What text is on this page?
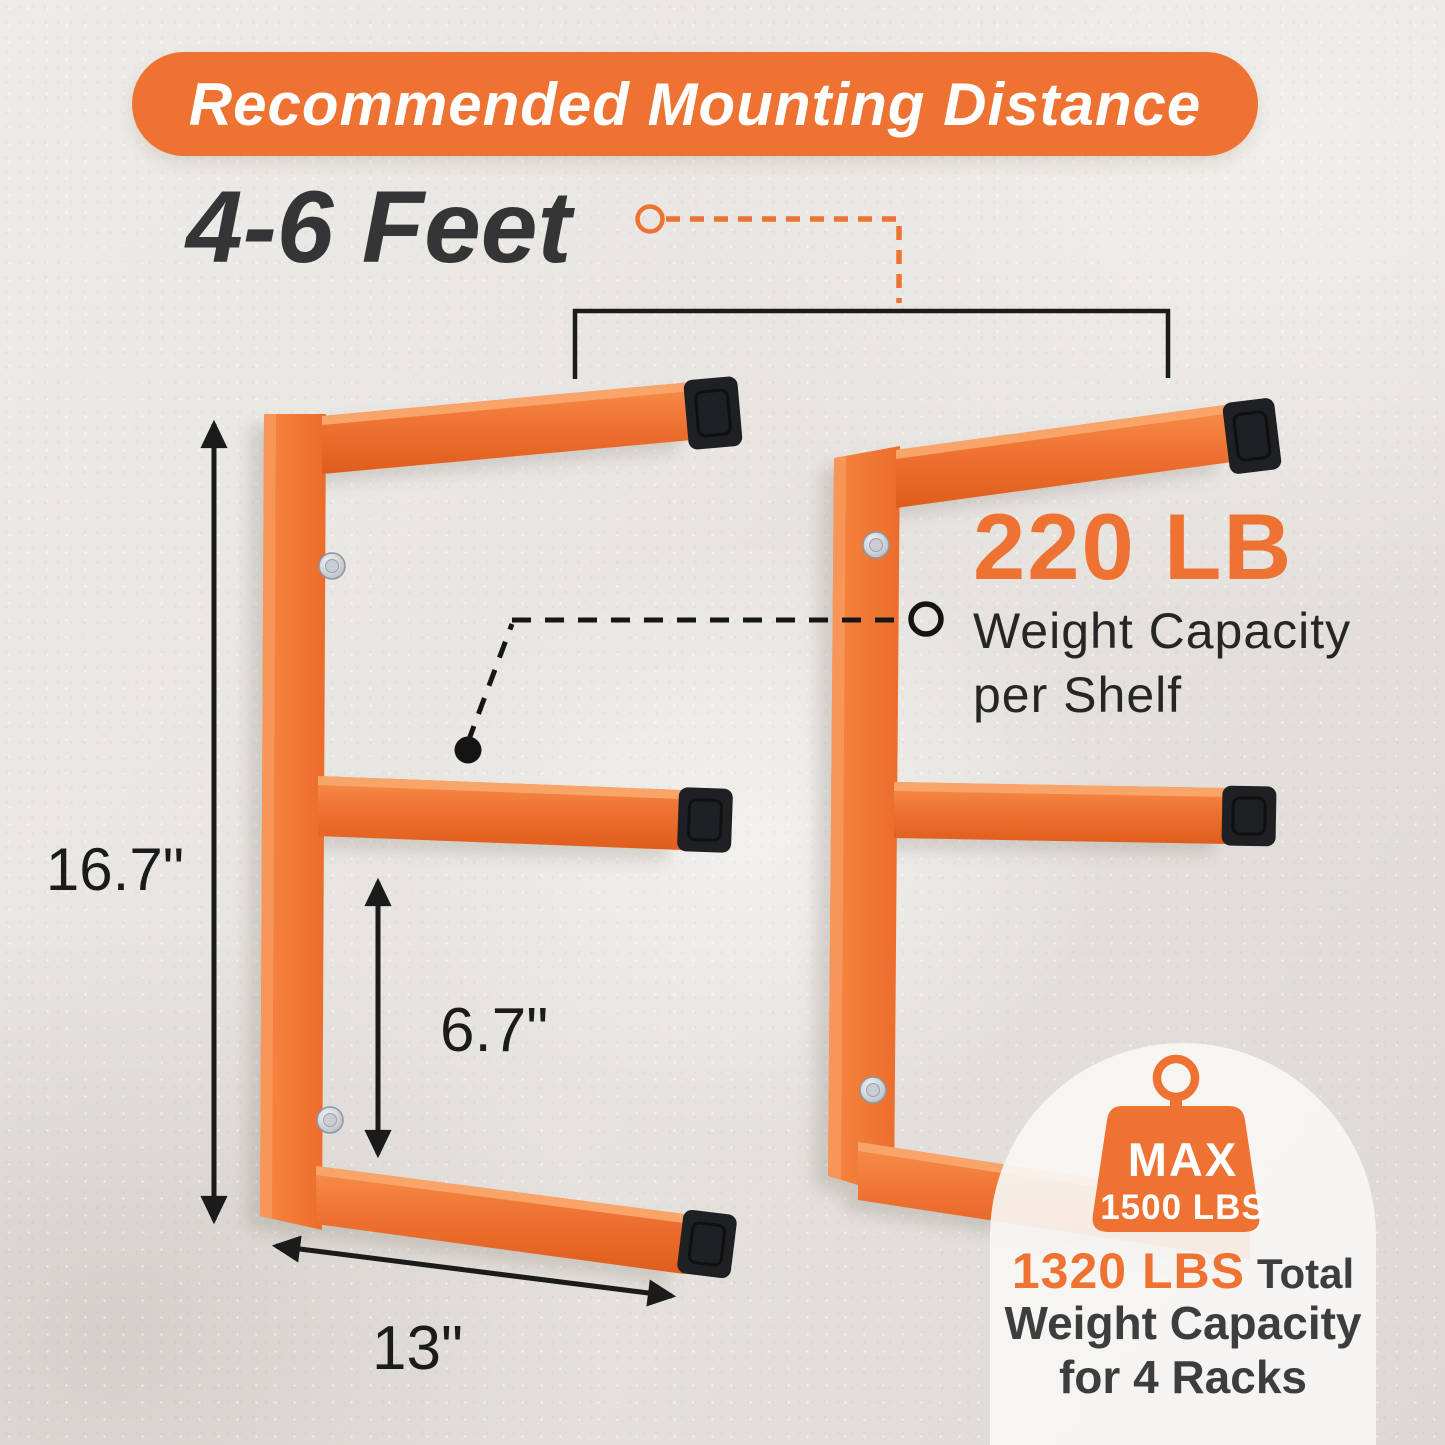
Recommended Mounting Distance
4-6 Feet
16.7"
6.7"
13"
220 LB
Weight Capacity
per Shelf
MAX
1500 LBS
1320 LBS Total
Weight Capacity
for 4 Racks
